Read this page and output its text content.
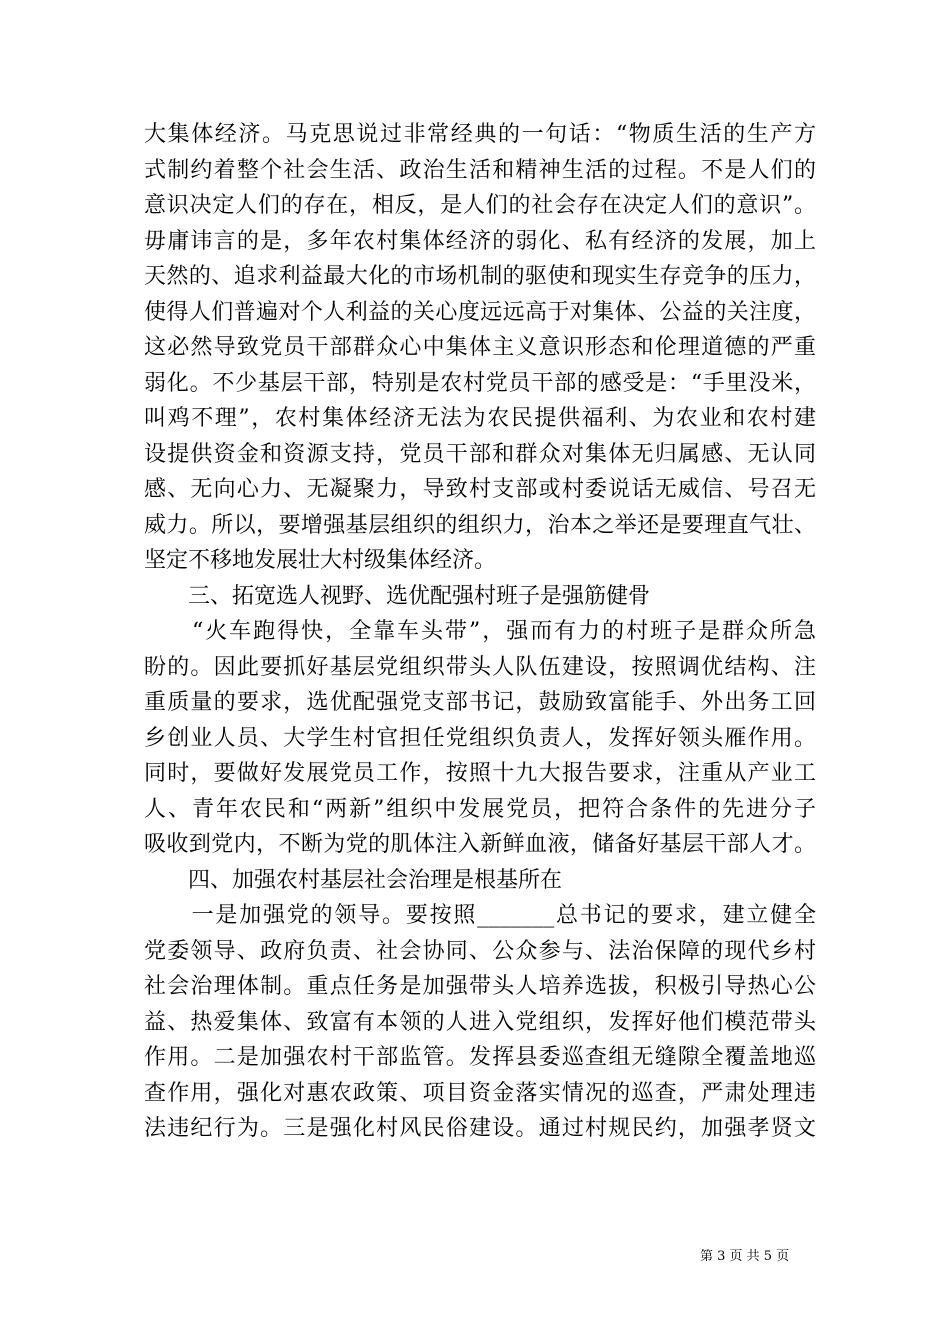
大集体经济。马克思说过非常经典的一句话：“物质生活的生产方
式制约着整个社会生活、政治生活和精神生活的过程。不是人们的
意识决定人们的存在，相反，是人们的社会存在决定人们的意识”。
毋庸讳言的是，多年农村集体经济的弱化、私有经济的发展，加上
天然的、追求利益最大化的市场机制的驱使和现实生存竞争的压力，
使得人们普遍对个人利益的关心度远远高于对集体、公益的关注度，
这必然导致党员干部群众心中集体主义意识形态和伦理道德的严重
弱化。不少基层干部，特别是农村党员干部的感受是：“手里没米，
叫鸡不理”，农村集体经济无法为农民提供福利、为农业和农村建
设提供资金和资源支持，党员干部和群众对集体无归属感、无认同
感、无向心力、无凝聚力，导致村支部或村委说话无威信、号召无
威力。所以，要增强基层组织的组织力，治本之举还是要理直气壮、
坚定不移地发展壮大村级集体经济。
　　三、拓宽选人视野、选优配强村班子是强筋健骨
　　“火车跑得快，全靠车头带”，强而有力的村班子是群众所急
盼的。因此要抓好基层党组织带头人队伍建设，按照调优结构、注
重质量的要求，选优配强党支部书记，鼓励致富能手、外出务工回
乡创业人员、大学生村官担任党组织负责人，发挥好领头雁作用。
同时，要做好发展党员工作，按照十九大报告要求，注重从产业工
人、青年农民和“两新”组织中发展党员，把符合条件的先进分子
吸收到党内，不断为党的肌体注入新鲜血液，储备好基层干部人才。
　　四、加强农村基层社会治理是根基所在
　　一是加强党的领导。要按照_______总书记的要求，建立健全
党委领导、政府负责、社会协同、公众参与、法治保障的现代乡村
社会治理体制。重点任务是加强带头人培养选拔，积极引导热心公
益、热爱集体、致富有本领的人进入党组织，发挥好他们模范带头
作用。二是加强农村干部监管。发挥县委巡查组无缝隙全覆盖地巡
查作用，强化对惠农政策、项目资金落实情况的巡查，严肃处理违
法违纪行为。三是强化村风民俗建设。通过村规民约，加强孝贤文
第 3 页 共 5 页
